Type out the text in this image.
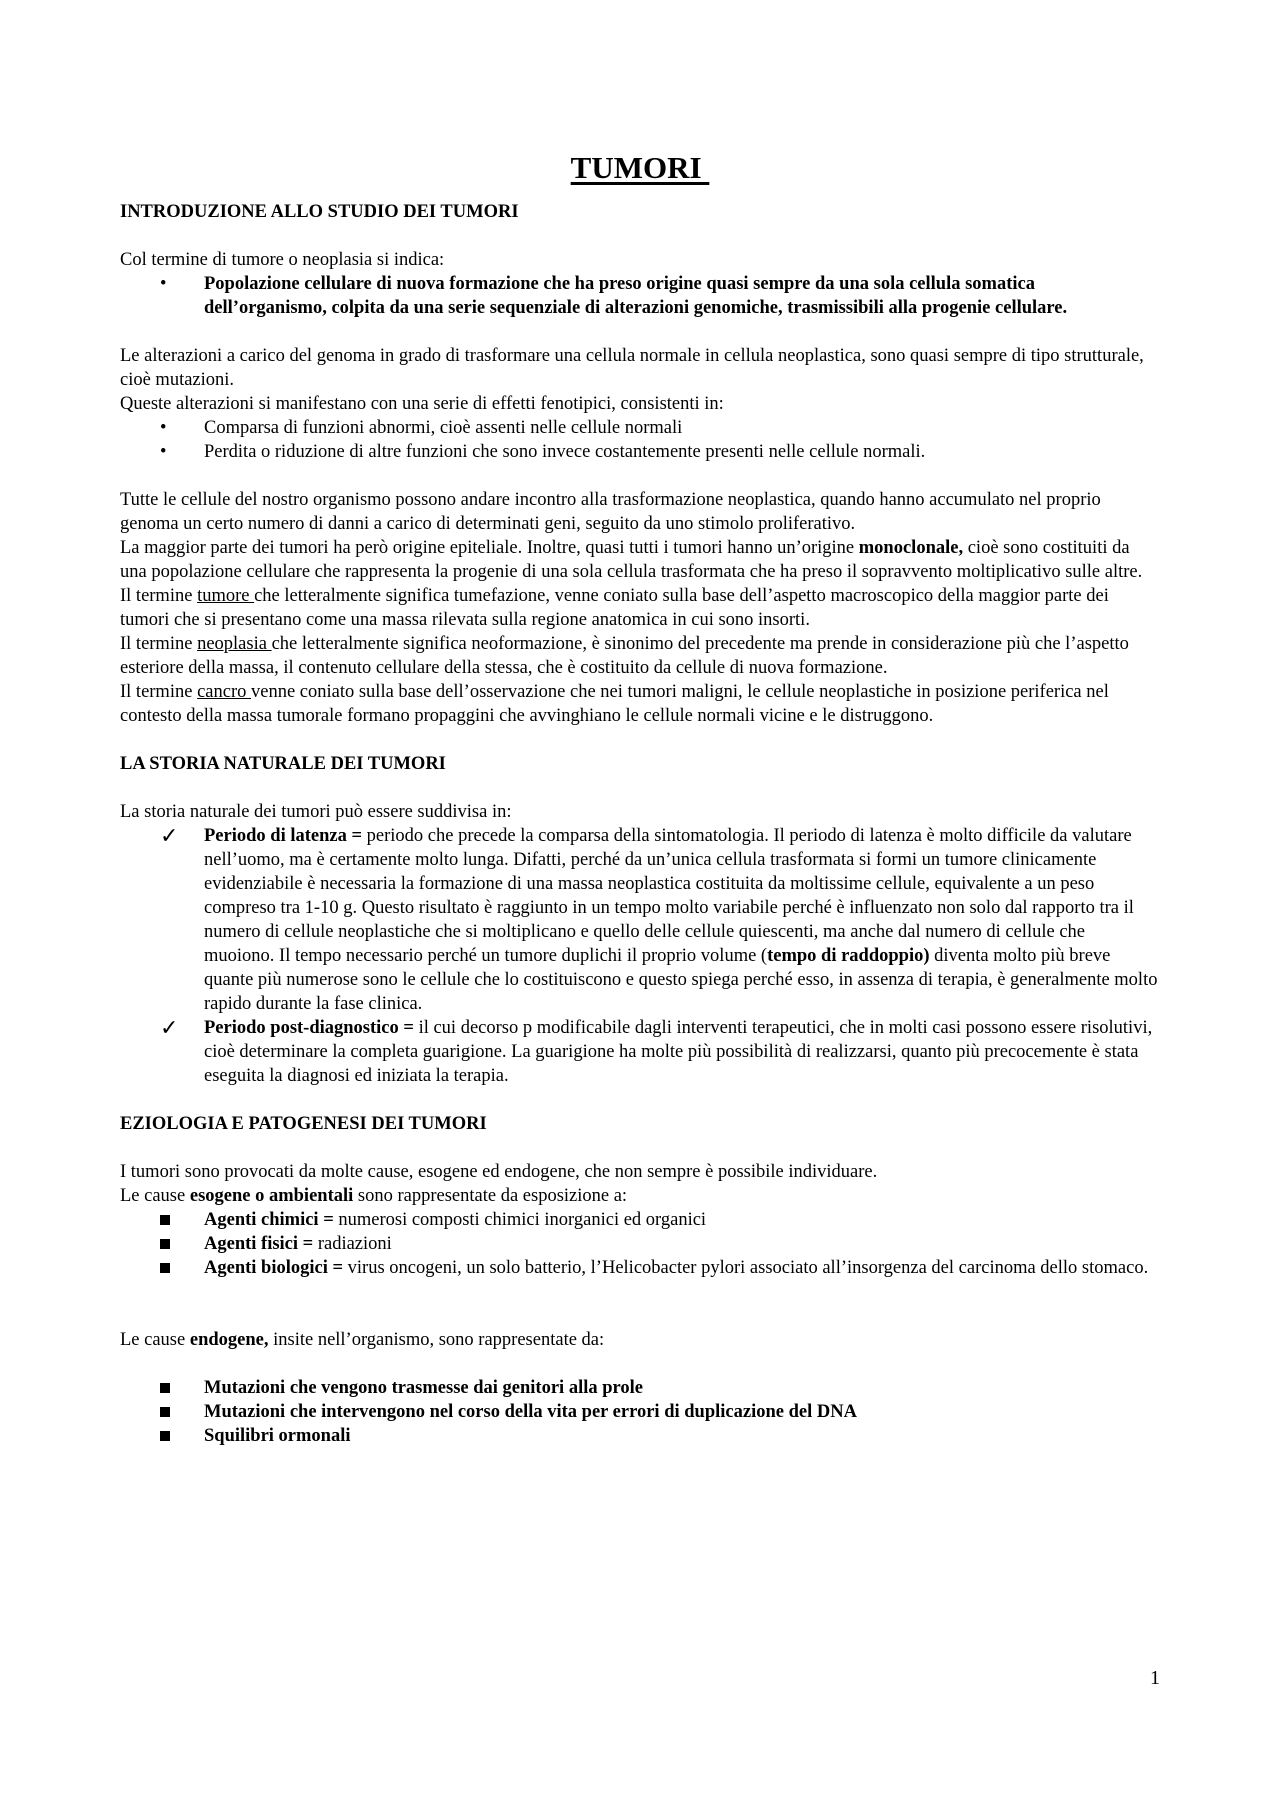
TUMORI

INTRODUZIONE ALLO STUDIO DEI TUMORI

Col termine di tumore o neoplasia si indica:

•
Popolazione cellulare di nuova formazione che ha preso origine quasi sempre da una sola cellula somatica dell’organismo, colpita da una serie sequenziale di alterazioni genomiche, trasmissibili alla progenie cellulare.

Le alterazioni a carico del genoma in grado di trasformare una cellula normale in cellula neoplastica, sono quasi sempre di tipo strutturale, cioè mutazioni.

Queste alterazioni si manifestano con una serie di effetti fenotipici, consistenti in:

•
Comparsa di funzioni abnormi, cioè assenti nelle cellule normali
•
Perdita o riduzione di altre funzioni che sono invece costantemente presenti nelle cellule normali.

Tutte le cellule del nostro organismo possono andare incontro alla trasformazione neoplastica, quando hanno accumulato nel proprio genoma un certo numero di danni a carico di determinati geni, seguito da uno stimolo proliferativo.

La maggior parte dei tumori ha però origine epiteliale. Inoltre, quasi tutti i tumori hanno un’origine monoclonale, cioè sono costituiti da una popolazione cellulare che rappresenta la progenie di una sola cellula trasformata che ha preso il sopravvento moltiplicativo sulle altre.

Il termine tumore che letteralmente significa tumefazione, venne coniato sulla base dell’aspetto macroscopico della maggior parte dei tumori che si presentano come una massa rilevata sulla regione anatomica in cui sono insorti.

Il termine neoplasia che letteralmente significa neoformazione, è sinonimo del precedente ma prende in considerazione più che l’aspetto esteriore della massa, il contenuto cellulare della stessa, che è costituito da cellule di nuova formazione.

Il termine cancro venne coniato sulla base dell’osservazione che nei tumori maligni, le cellule neoplastiche in posizione periferica nel contesto della massa tumorale formano propaggini che avvinghiano le cellule normali vicine e le distruggono.

LA STORIA NATURALE DEI TUMORI

La storia naturale dei tumori può essere suddivisa in:

✓
Periodo di latenza = periodo che precede la comparsa della sintomatologia. Il periodo di latenza è molto difficile da valutare nell’uomo, ma è certamente molto lunga. Difatti, perché da un’unica cellula trasformata si formi un tumore clinicamente evidenziabile è necessaria la formazione di una massa neoplastica costituita da moltissime cellule, equivalente a un peso compreso tra 1-10 g. Questo risultato è raggiunto in un tempo molto variabile perché è influenzato non solo dal rapporto tra il numero di cellule neoplastiche che si moltiplicano e quello delle cellule quiescenti, ma anche dal numero di cellule che muoiono. Il tempo necessario perché un tumore duplichi il proprio volume (tempo di raddoppio) diventa molto più breve quante più numerose sono le cellule che lo costituiscono e questo spiega perché esso, in assenza di terapia, è generalmente molto rapido durante la fase clinica.
✓
Periodo post-diagnostico = il cui decorso p modificabile dagli interventi terapeutici, che in molti casi possono essere risolutivi, cioè determinare la completa guarigione. La guarigione ha molte più possibilità di realizzarsi, quanto più precocemente è stata eseguita la diagnosi ed iniziata la terapia.

EZIOLOGIA E PATOGENESI DEI TUMORI

I tumori sono provocati da molte cause, esogene ed endogene, che non sempre è possibile individuare.

Le cause esogene o ambientali sono rappresentate da esposizione a:

Agenti chimici = numerosi composti chimici inorganici ed organici
Agenti fisici = radiazioni
Agenti biologici = virus oncogeni, un solo batterio, l’Helicobacter pylori associato all’insorgenza del carcinoma dello stomaco.

Le cause endogene, insite nell’organismo, sono rappresentate da:

Mutazioni che vengono trasmesse dai genitori alla prole
Mutazioni che intervengono nel corso della vita per errori di duplicazione del DNA
Squilibri ormonali
1
